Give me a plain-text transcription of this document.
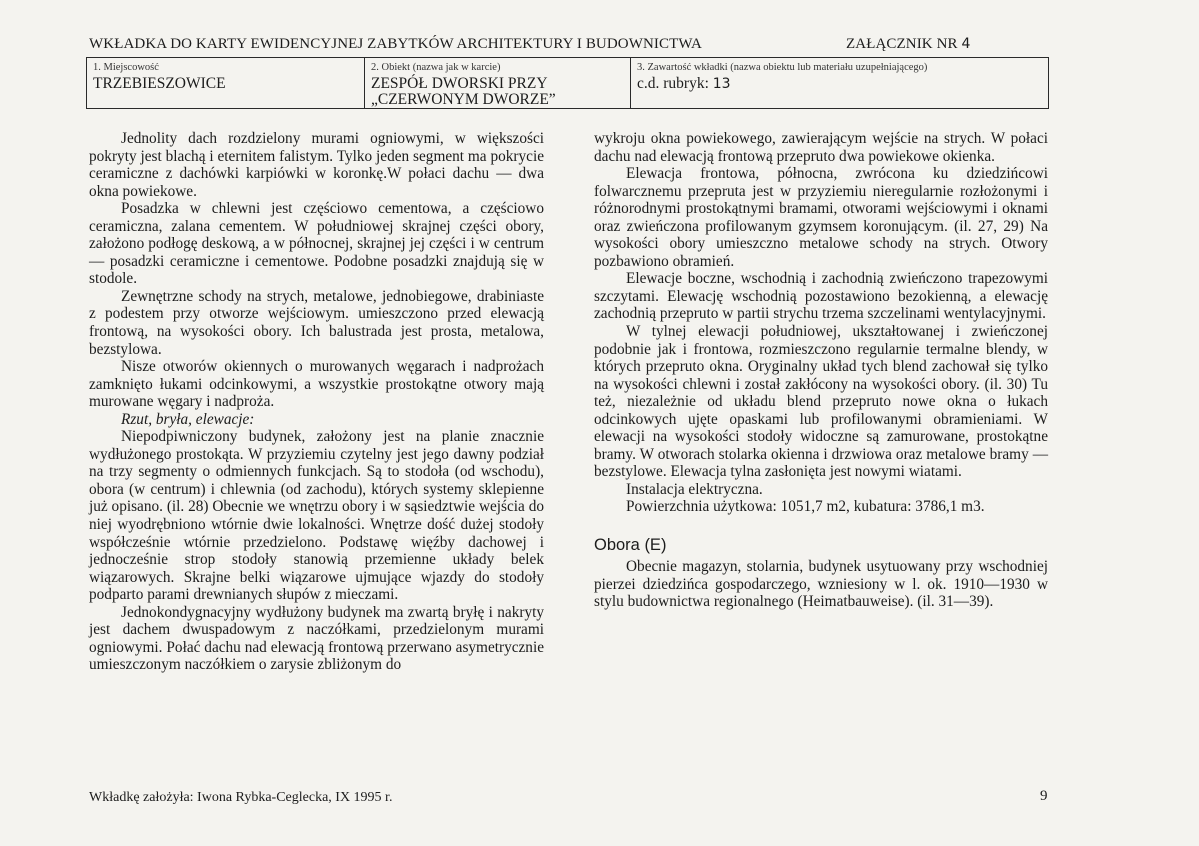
WKŁADKA DO KARTY EWIDENCYJNEJ ZABYTKÓW ARCHITEKTURY I BUDOWNICTWA	ZAŁĄCZNIK NR 4
1. Miejscowość
TRZEBIESZOWICE
2. Obiekt (nazwa jak w karcie)
ZESPÓŁ DWORSKI PRZY
„CZERWONYM DWORZE”
3. Zawartość wkładki (nazwa obiektu lub materiału uzupełniającego)
c.d. rubryk: 13

Jednolity dach rozdzielony murami ogniowymi, w większości pokryty jest blachą i eternitem falistym. Tylko jeden segment ma pokrycie ceramiczne z dachówki karpiówki w koronkę.W połaci dachu — dwa okna powiekowe.

Posadzka w chlewni jest częściowo cementowa, a częściowo ceramiczna, zalana cementem. W południowej skrajnej części obory, założono podłogę deskową, a w północnej, skrajnej jej części i w centrum — posadzki ceramiczne i cementowe. Podobne posadzki znajdują się w stodole.

Zewnętrzne schody na strych, metalowe, jednobiegowe, drabiniaste z podestem przy otworze wejściowym. umieszczono przed elewacją frontową, na wysokości obory. Ich balustrada jest prosta, metalowa, bezstylowa.

Nisze otworów okiennych o murowanych węgarach i nadprożach zamknięto łukami odcinkowymi, a wszystkie prostokątne otwory mają murowane węgary i nadproża.

Rzut, bryła, elewacje:

Niepodpiwniczony budynek, założony jest na planie znacznie wydłużonego prostokąta. W przyziemiu czytelny jest jego dawny podział na trzy segmenty o odmiennych funkcjach. Są to stodoła (od wschodu), obora (w centrum) i chlewnia (od zachodu), których systemy sklepienne już opisano. (il. 28) Obecnie we wnętrzu obory i w sąsiedztwie wejścia do niej wyodrębniono wtórnie dwie lokalności. Wnętrze dość dużej stodoły współcześnie wtórnie przedzielono. Podstawę więźby dachowej i jednocześnie strop stodoły stanowią przemienne układy belek wiązarowych. Skrajne belki wiązarowe ujmujące wjazdy do stodoły podparto parami drewnianych słupów z mieczami.

Jednokondygnacyjny wydłużony budynek ma zwartą bryłę i nakryty jest dachem dwuspadowym z naczółkami, przedzielonym murami ogniowymi. Połać dachu nad elewacją frontową przerwano asymetrycznie umieszczonym naczółkiem o zarysie zbliżonym do

wykroju okna powiekowego, zawierającym wejście na strych. W połaci dachu nad elewacją frontową przepruto dwa powiekowe okienka.

Elewacja frontowa, północna, zwrócona ku dziedzińcowi folwarcznemu przepruta jest w przyziemiu nieregularnie rozłożonymi i różnorodnymi prostokątnymi bramami, otworami wejściowymi i oknami oraz zwieńczona profilowanym gzymsem koronującym. (il. 27, 29) Na wysokości obory umieszczno metalowe schody na strych. Otwory pozbawiono obramień.

Elewacje boczne, wschodnią i zachodnią zwieńczono trapezowymi szczytami. Elewację wschodnią pozostawiono bezokienną, a elewację zachodnią przepruto w partii strychu trzema szczelinami wentylacyjnymi.

W tylnej elewacji południowej, ukształtowanej i zwieńczonej podobnie jak i frontowa, rozmieszczono regularnie termalne blendy, w których przepruto okna. Oryginalny układ tych blend zachował się tylko na wysokości chlewni i został zakłócony na wysokości obory. (il. 30) Tu też, niezależnie od układu blend przepruto nowe okna o łukach odcinkowych ujęte opaskami lub profilowanymi obramieniami. W elewacji na wysokości stodoły widoczne są zamurowane, prostokątne bramy. W otworach stolarka okienna i drzwiowa oraz metalowe bramy — bezstylowe. Elewacja tylna zasłonięta jest nowymi wiatami.

Instalacja elektryczna.

Powierzchnia użytkowa: 1051,7 m2, kubatura: 3786,1 m3.

Obora (E)

Obecnie magazyn, stolarnia, budynek usytuowany przy wschodniej pierzei dziedzińca gospodarczego, wzniesiony w l. ok. 1910—1930 w stylu budownictwa regionalnego (Heimatbauweise). (il. 31—39).

Wkładkę założyła: Iwona Rybka-Ceglecka, IX 1995 r.	9
